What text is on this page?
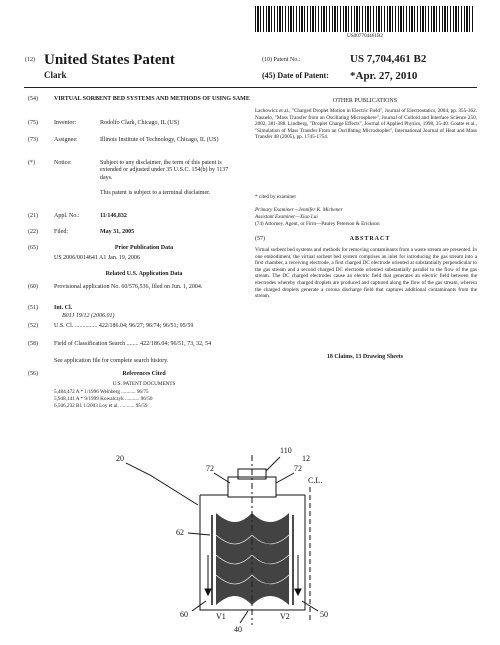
US007704461B2
(12) United States Patent
Clark
(10) Patent No.:	US 7,704,461 B2
(45) Date of Patent: *Apr. 27, 2010
(54)	VIRTUAL SORBENT BED SYSTEMS AND METHODS OF USING SAME
(75)	Inventor:	Rodolfo Clark, Chicago, IL (US)
(73)	Assignee:	Illinois Institute of Technology, Chicago, IL (US)
(*)	Notice:	Subject to any disclaimer, the term of this patent is extended or adjusted under 35 U.S.C. 154(b) by 1137 days.
This patent is subject to a terminal disclaimer.
(21)	Appl. No.:	11/146,832
(22)	Filed:	May 31, 2005
(65)	Prior Publication Data
US 2006/0014641 A1 Jan. 19, 2006
Related U.S. Application Data
(60)	Provisional application No. 60/576,536, filed on Jun. 1, 2004.
(51)	Int. Cl.
B01J 19/12 (2006.01)
(52)	U.S. Cl. ............... 422/186.04; 96/27; 96/74; 96/51; 95/59
(58)	Field of Classification Search ........ 422/186.04; 96/51, 73, 32, 54
See application file for complete search history.
(56)	References Cited
U.S. PATENT DOCUMENTS
5,484,472 A * 1/1996 Weinberg ........... 96/75
5,948,141 A * 9/1999 Kowalczyk ........... 96/50
6,506,232 B1 1/2003 Loy et al. ........... 95/59
OTHER PUBLICATIONS
Lachowicz et al., "Charged Droplet Motion in Electric Field", Journal of Electrostatics, 2004, pp. 355-362. Nasuelo, "Mass Transfer from an Oscillating Microsphere", Journal of Colloid and Interface Science 250, 2002, 381-388. Lindberg, "Droplet Charge Effects", Journal of Applied Physics, 1998, 35-40. Goatte et al., "Simulation of Mass Transfer From an Oscillating Microdroplet", International Journal of Heat and Mass Transfer 48 (2005), pp. 1745-1754.
* cited by examiner
Primary Examiner—Jennifer K. Michener
Assistant Examiner—Xiao Lui
(74) Attorney, Agent, or Firm—Pauley Peterson & Erickson
(57)	ABSTRACT
Virtual sorbent bed systems and methods for removing contaminants from a waste stream are presented. In one embodiment, the virtual sorbent bed system comprises an inlet for introducing the gas stream into a first chamber, a receiving electrode, a first charged DC electrode oriented at substantially perpendicular to the gas stream and a second charged DC electrode oriented substantially parallel to the flow of the gas stream. The DC charged electrodes cause an electric field that generates an electric field between the electrodes whereby charged droplets are produced and captured along the flow of the gas stream, wherein the charged droplets generate a corona discharge field that captures additional contaminants from the stream.
18 Claims, 13 Drawing Sheets
20
110
72	72
12
C.L.
62
60	V1	V2	50
40
